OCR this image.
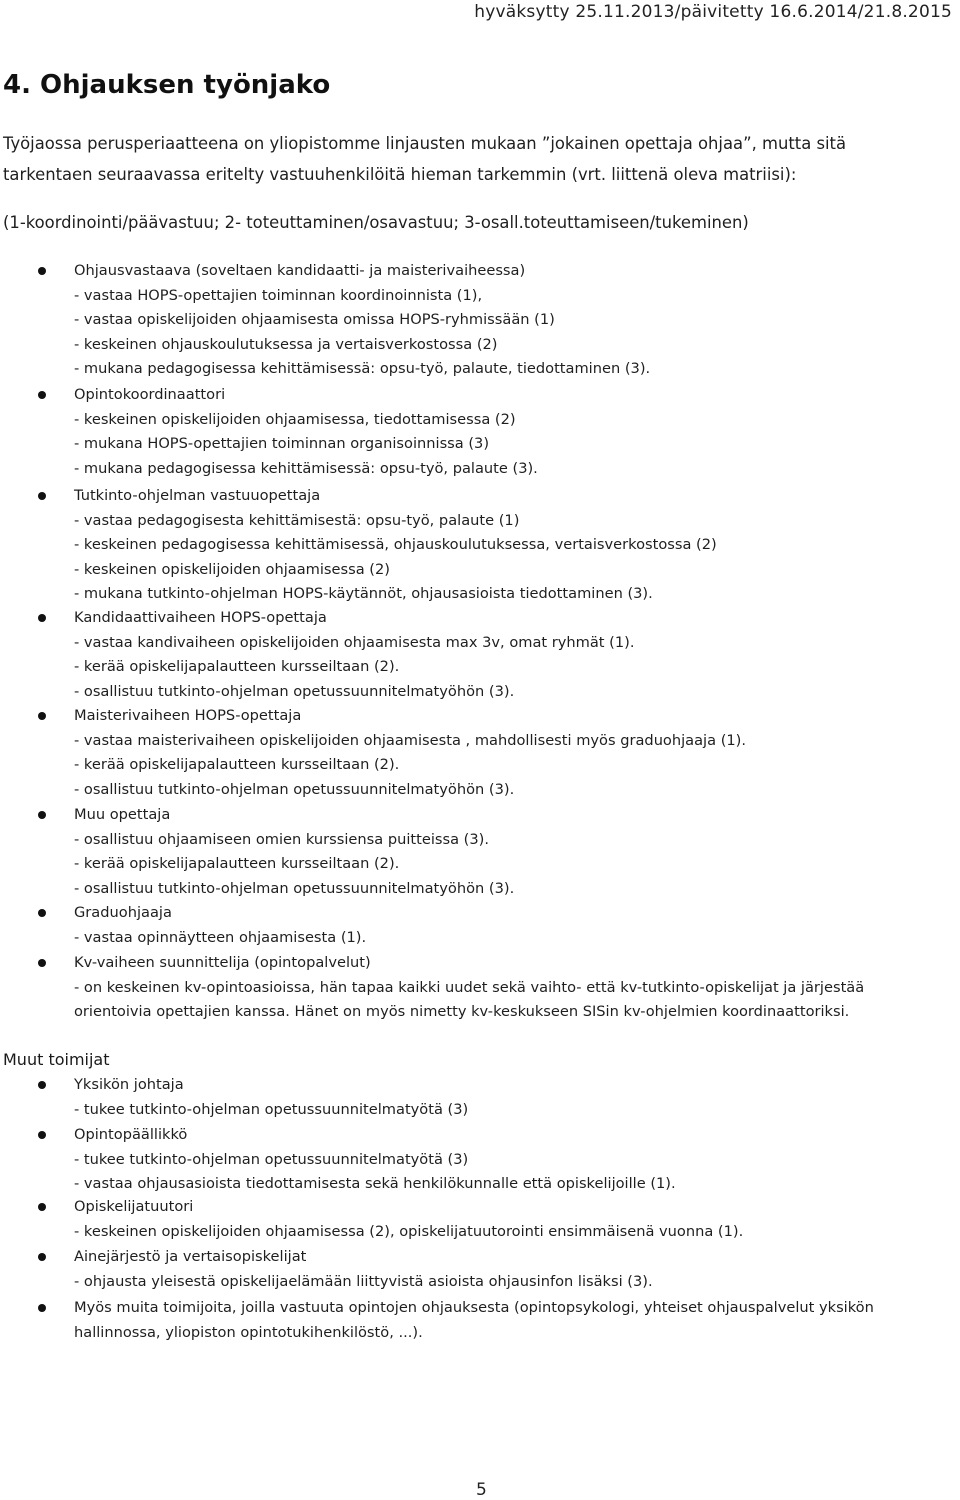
hyväksytty 25.11.2013/päivitetty 16.6.2014/21.8.2015
4. Ohjauksen työnjako
Työjaossa perusperiaatteena on yliopistomme linjausten mukaan ”jokainen opettaja ohjaa”, mutta sitä
tarkentaen seuraavassa eritelty vastuuhenkilöitä hieman tarkemmin (vrt. liittenä oleva matriisi):
(1-koordinointi/päävastuu; 2- toteuttaminen/osavastuu; 3-osall.toteuttamiseen/tukeminen)
Ohjausvastaava (soveltaen kandidaatti- ja maisterivaiheessa)
- vastaa HOPS-opettajien toiminnan koordinoinnista (1),
- vastaa opiskelijoiden ohjaamisesta omissa HOPS-ryhmissään (1)
- keskeinen ohjauskoulutuksessa ja vertaisverkostossa (2)
- mukana pedagogisessa kehittämisessä: opsu-työ, palaute, tiedottaminen (3).
Opintokoordinaattori
- keskeinen opiskelijoiden ohjaamisessa, tiedottamisessa (2)
- mukana HOPS-opettajien toiminnan organisoinnissa (3)
- mukana pedagogisessa kehittämisessä: opsu-työ, palaute (3).
Tutkinto-ohjelman vastuuopettaja
- vastaa pedagogisesta kehittämisestä: opsu-työ, palaute (1)
- keskeinen pedagogisessa kehittämisessä, ohjauskoulutuksessa, vertaisverkostossa (2)
- keskeinen opiskelijoiden ohjaamisessa (2)
- mukana tutkinto-ohjelman HOPS-käytännöt, ohjausasioista tiedottaminen (3).
Kandidaattivaiheen HOPS-opettaja
- vastaa kandivaiheen opiskelijoiden ohjaamisesta max 3v, omat ryhmät (1).
- kerää opiskelijapalautteen kursseiltaan (2).
- osallistuu tutkinto-ohjelman opetussuunnitelmatyöhön (3).
Maisterivaiheen HOPS-opettaja
- vastaa maisterivaiheen opiskelijoiden ohjaamisesta , mahdollisesti myös graduohjaaja (1).
- kerää opiskelijapalautteen kursseiltaan (2).
- osallistuu tutkinto-ohjelman opetussuunnitelmatyöhön (3).
Muu opettaja
- osallistuu ohjaamiseen omien kurssiensa puitteissa (3).
- kerää opiskelijapalautteen kursseiltaan (2).
- osallistuu tutkinto-ohjelman opetussuunnitelmatyöhön (3).
Graduohjaaja
- vastaa opinnäytteen ohjaamisesta (1).
Kv-vaiheen suunnittelija (opintopalvelut)
- on keskeinen kv-opintoasioissa, hän tapaa kaikki uudet sekä vaihto- että kv-tutkinto-opiskelijat ja järjestää
orientoivia opettajien kanssa. Hänet on myös nimetty kv-keskukseen SISin kv-ohjelmien koordinaattoriksi.
Muut toimijat
Yksikön johtaja
- tukee tutkinto-ohjelman opetussuunnitelmatyötä (3)
Opintopäällikkö
- tukee tutkinto-ohjelman opetussuunnitelmatyötä (3)
- vastaa ohjausasioista tiedottamisesta sekä henkilökunnalle että opiskelijoille (1).
Opiskelijatuutori
- keskeinen opiskelijoiden ohjaamisessa (2), opiskelijatuutorointi ensimmäisenä vuonna (1).
Ainejärjestö ja vertaisopiskelijat
- ohjausta yleisestä opiskelijaelämään liittyvistä asioista ohjausinfon lisäksi (3).
Myös muita toimijoita, joilla vastuuta opintojen ohjauksesta (opintopsykologi, yhteiset ohjauspalvelut yksikön
hallinnossa, yliopiston opintotukihenkilöstö, ...).
5
